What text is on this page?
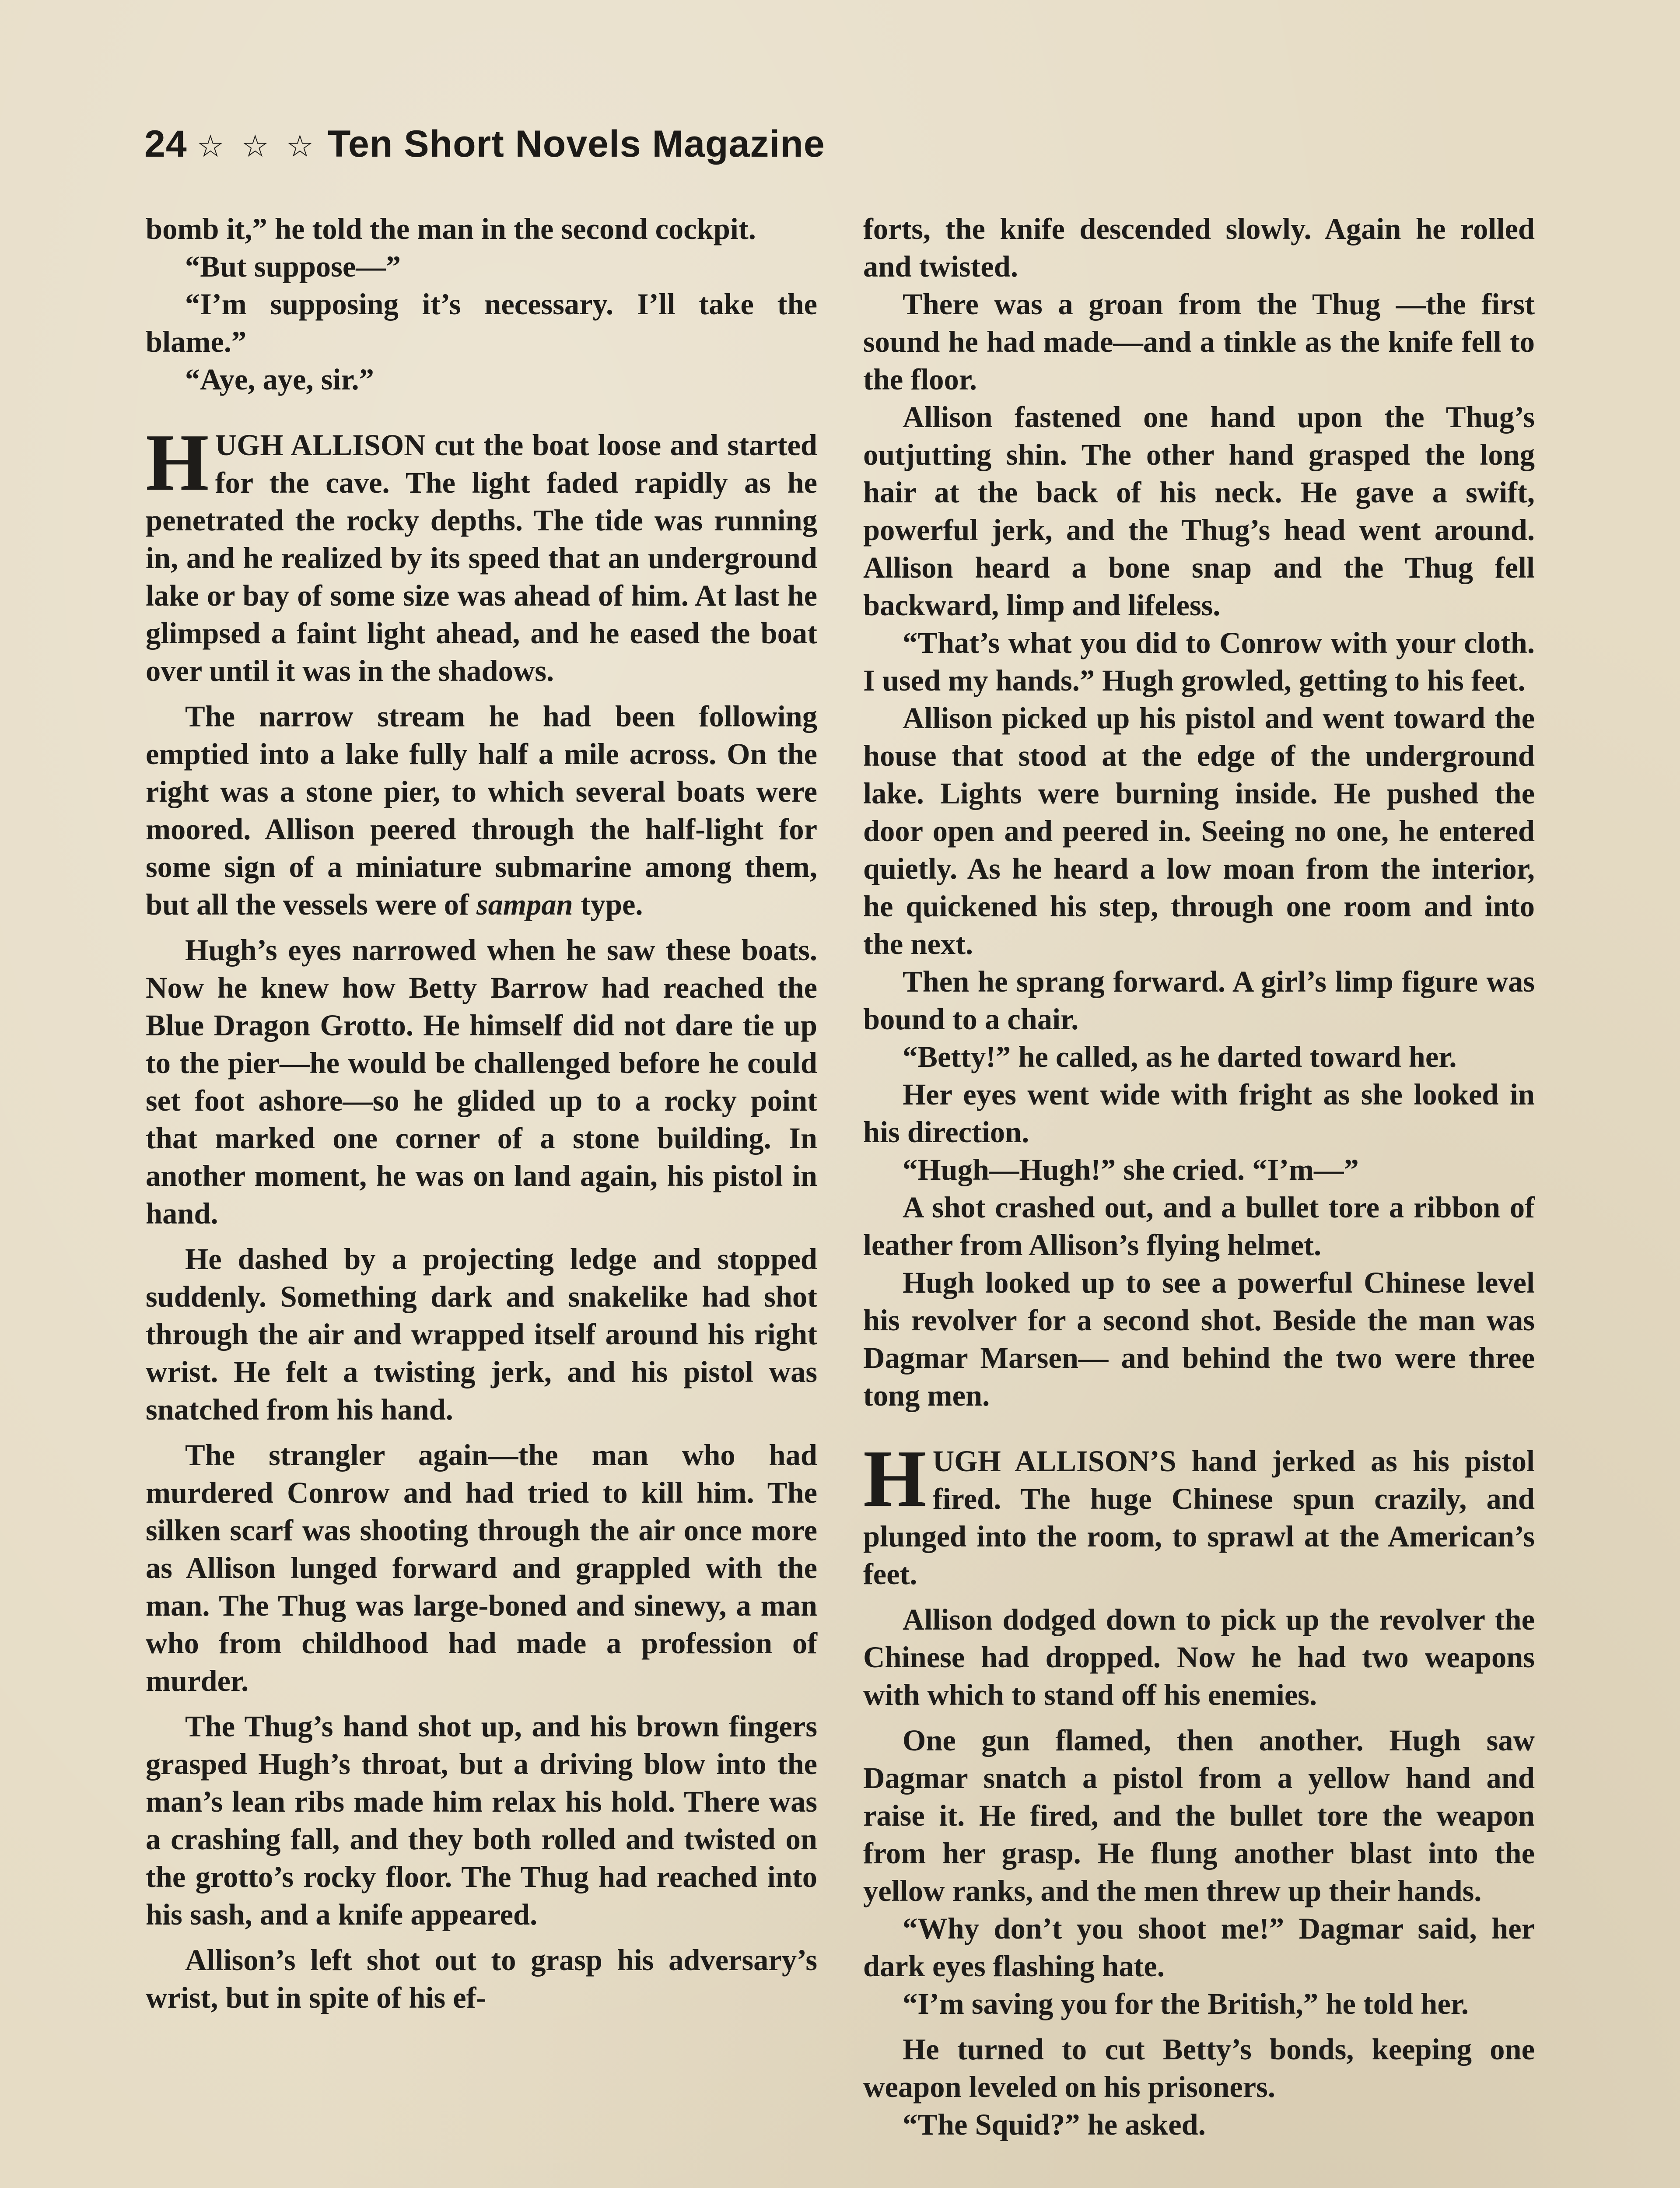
24 ☆ ☆ ☆ Ten Short Novels Magazine

bomb it,” he told the man in the second cockpit.

“But suppose—”

“I’m supposing it’s necessary. I’ll take the blame.”

“Aye, aye, sir.”

HUGH ALLISON cut the boat loose and started for the cave. The light faded rapidly as he penetrated the rocky depths. The tide was running in, and he realized by its speed that an underground lake or bay of some size was ahead of him. At last he glimpsed a faint light ahead, and he eased the boat over until it was in the shadows.

The narrow stream he had been following emptied into a lake fully half a mile across. On the right was a stone pier, to which several boats were moored. Allison peered through the half-light for some sign of a miniature submarine among them, but all the vessels were of sampan type.

Hugh’s eyes narrowed when he saw these boats. Now he knew how Betty Barrow had reached the Blue Dragon Grotto. He himself did not dare tie up to the pier—he would be challenged before he could set foot ashore—so he glided up to a rocky point that marked one corner of a stone building. In another moment, he was on land again, his pistol in hand.

He dashed by a projecting ledge and stopped suddenly. Something dark and snakelike had shot through the air and wrapped itself around his right wrist. He felt a twisting jerk, and his pistol was snatched from his hand.

The strangler again—the man who had murdered Conrow and had tried to kill him. The silken scarf was shooting through the air once more as Allison lunged forward and grappled with the man. The Thug was large-boned and sinewy, a man who from childhood had made a profession of murder.

The Thug’s hand shot up, and his brown fingers grasped Hugh’s throat, but a driving blow into the man’s lean ribs made him relax his hold. There was a crashing fall, and they both rolled and twisted on the grotto’s rocky floor. The Thug had reached into his sash, and a knife appeared.

Allison’s left shot out to grasp his adversary’s wrist, but in spite of his ef-

forts, the knife descended slowly. Again he rolled and twisted.

There was a groan from the Thug —the first sound he had made—and a tinkle as the knife fell to the floor.

Allison fastened one hand upon the Thug’s outjutting shin. The other hand grasped the long hair at the back of his neck. He gave a swift, powerful jerk, and the Thug’s head went around. Allison heard a bone snap and the Thug fell backward, limp and lifeless.

“That’s what you did to Conrow with your cloth. I used my hands.” Hugh growled, getting to his feet.

Allison picked up his pistol and went toward the house that stood at the edge of the underground lake. Lights were burning inside. He pushed the door open and peered in. Seeing no one, he entered quietly. As he heard a low moan from the interior, he quickened his step, through one room and into the next.

Then he sprang forward. A girl’s limp figure was bound to a chair.

“Betty!” he called, as he darted toward her.

Her eyes went wide with fright as she looked in his direction.

“Hugh—Hugh!” she cried. “I’m—”

A shot crashed out, and a bullet tore a ribbon of leather from Allison’s flying helmet.

Hugh looked up to see a powerful Chinese level his revolver for a second shot. Beside the man was Dagmar Marsen— and behind the two were three tong men.

HUGH ALLISON’S hand jerked as his pistol fired. The huge Chinese spun crazily, and plunged into the room, to sprawl at the American’s feet.

Allison dodged down to pick up the revolver the Chinese had dropped. Now he had two weapons with which to stand off his enemies.

One gun flamed, then another. Hugh saw Dagmar snatch a pistol from a yellow hand and raise it. He fired, and the bullet tore the weapon from her grasp. He flung another blast into the yellow ranks, and the men threw up their hands.

“Why don’t you shoot me!” Dagmar said, her dark eyes flashing hate.

“I’m saving you for the British,” he told her.

He turned to cut Betty’s bonds, keeping one weapon leveled on his prisoners.

“The Squid?” he asked.
